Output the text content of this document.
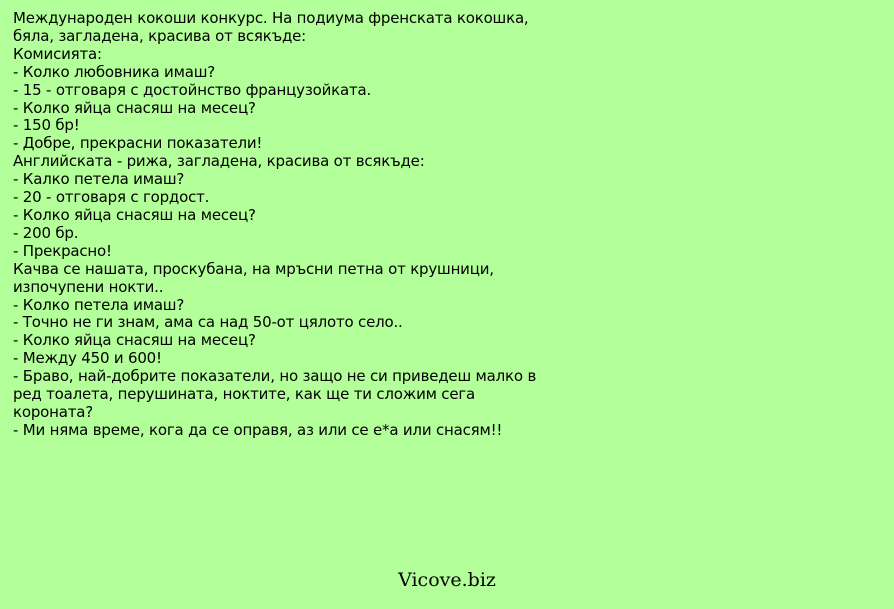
Международен кокоши конкурс. На подиума френската кокошка,
бяла, загладена, красива от всякъде:
Комисията:
- Колко любовника имаш?
- 15 - отговаря с достойнство французойката.
- Колко яйца снасяш на месец?
- 150 бр!
- Добре, прекрасни показатели!
Английската - рижа, загладена, красива от всякъде:
- Калко петела имаш?
- 20 - отговаря с гордост.
- Колко яйца снасяш на месец?
- 200 бр.
- Прекрасно!
Качва се нашата, проскубана, на мръсни петна от крушници,
изпочупени нокти..
- Колко петела имаш?
- Точно не ги знам, ама са над 50-от цялото село..
- Колко яйца снасяш на месец?
- Между 450 и 600!
- Браво, най-добрите показатели, но защо не си приведеш малко в
ред тоалета, перушината, ноктите, как ще ти сложим сега
короната?
- Ми няма време, кога да се оправя, аз или се е*а или снасям!!
Vicove.biz
